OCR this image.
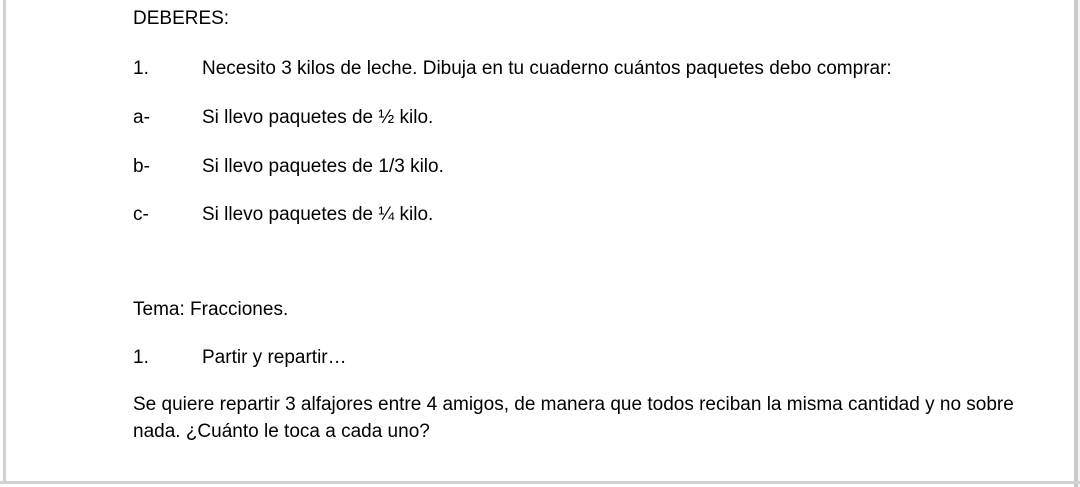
DEBERES:
1.	Necesito 3 kilos de leche. Dibuja en tu cuaderno cuántos paquetes debo comprar:
a-	Si llevo paquetes de ½ kilo.
b-	Si llevo paquetes de 1/3 kilo.
c-	Si llevo paquetes de ¼ kilo.
Tema: Fracciones.
1.	Partir y repartir…
Se quiere repartir 3 alfajores entre 4 amigos, de manera que todos reciban la misma cantidad y no sobre nada. ¿Cuánto le toca a cada uno?
